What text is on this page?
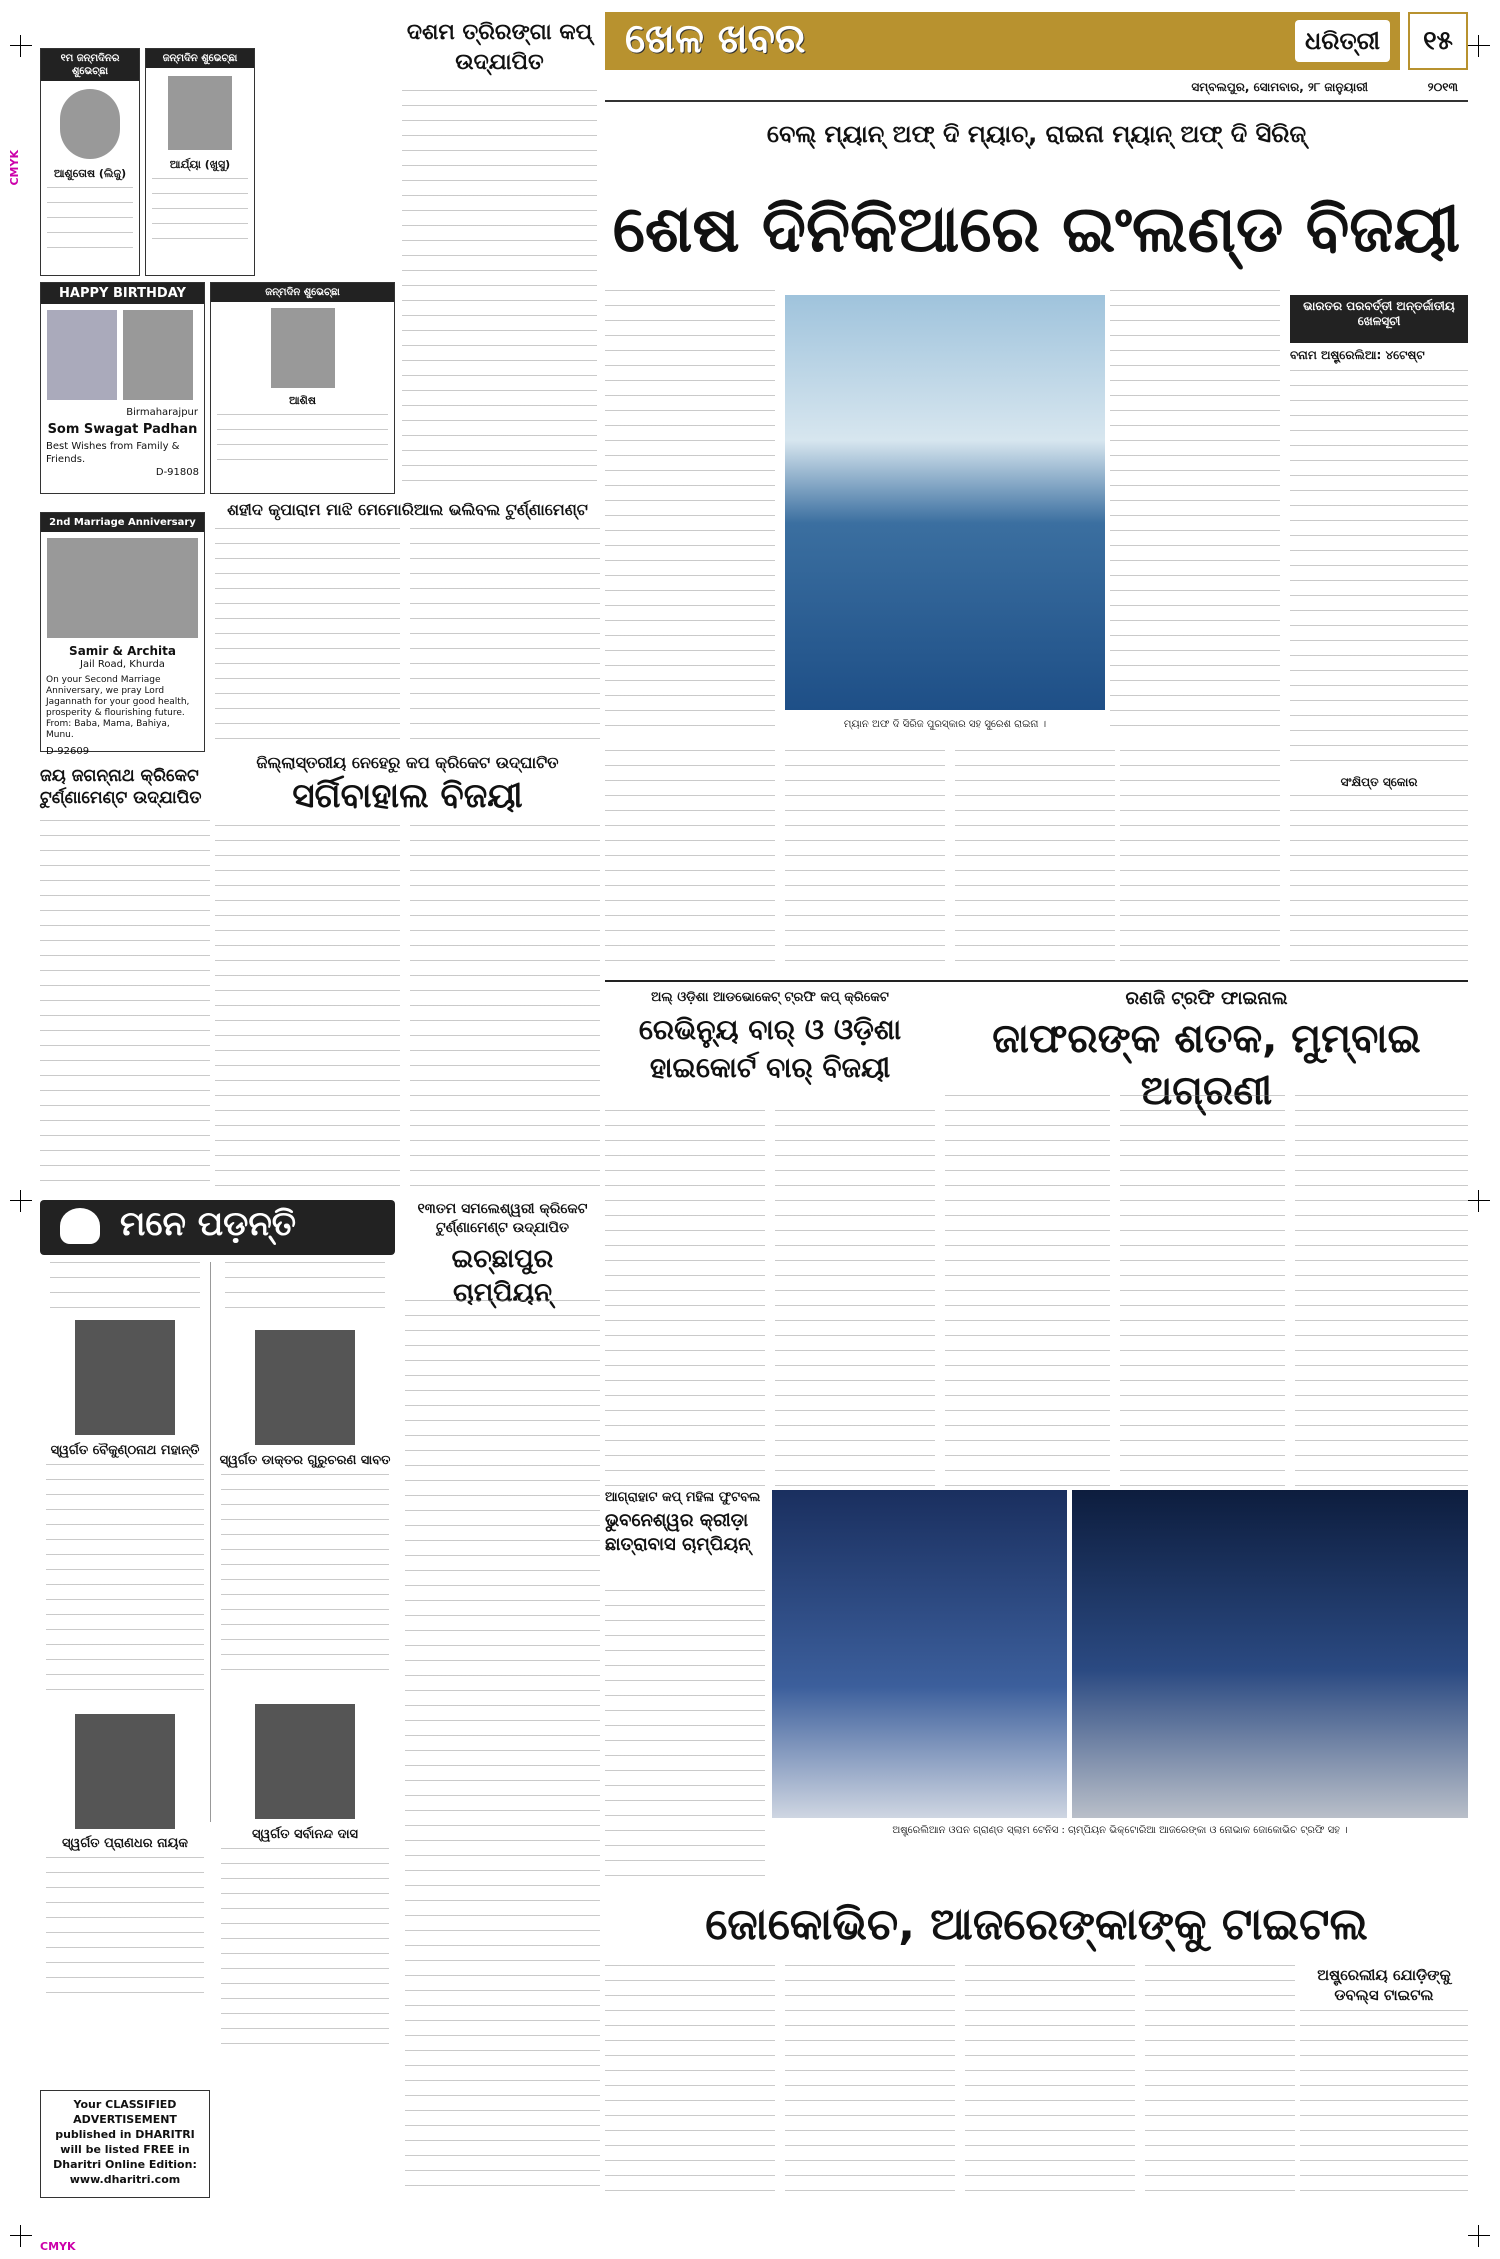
CMYK
CMYK
୧ମ ଜନ୍ମଦିନର ଶୁଭେଚ୍ଛା
ଆଶୁତୋଷ (ଲିଜୁ)
ଜନ୍ମଦିନ ଶୁଭେଚ୍ଛା
ଆର୍ଯ୍ୟା (ଖୁସୁ)
HAPPY BIRTHDAY
Birmaharajpur
Som Swagat Padhan
Best Wishes from Family & Friends.
D-91808
ଜନ୍ମଦିନ ଶୁଭେଚ୍ଛା
ଆଶିଷ
2nd Marriage Anniversary
Samir & Archita
Jail Road, Khurda
On your Second Marriage Anniversary, we pray Lord Jagannath for your good health, prosperity & flourishing future. From: Baba, Mama, Bahiya, Munu.
D-92609
ଜୟ ଜଗନ୍ନାଥ କ୍ରିକେଟ ଟୁର୍ଣ୍ଣାମେଣ୍ଟ ଉଦ୍‌ଯାପିତ
ମନେ ପଡ଼ନ୍ତି
ସ୍ୱର୍ଗତ ବୈକୁଣ୍ଠନାଥ ମହାନ୍ତି
ସ୍ୱର୍ଗତ ପ୍ରାଣଧର ନାୟକ
ସ୍ୱର୍ଗତ ଡାକ୍ତର ଗୁରୁଚରଣ ସାବତ
ସ୍ୱର୍ଗତ ସର୍ବାନନ୍ଦ ଦାସ
Your CLASSIFIED ADVERTISEMENT published in DHARITRI will be listed FREE in Dharitri Online Edition: www.dharitri.com
ଦଶମ ତ୍ରିରଙ୍ଗା କପ୍ ଉଦ୍‌ଯାପିତ
ଶହୀଦ କୃପାରାମ ମାଝି ମେମୋରିଆଲ ଭଲିବଲ ଟୁର୍ଣ୍ଣାମେଣ୍ଟ
ଜିଲ୍ଲାସ୍ତରୀୟ ନେହେରୁ କପ କ୍ରିକେଟ ଉଦ୍‌ଘାଟିତ
ସର୍ଗିବାହାଲ ବିଜୟୀ
୧୩ତମ ସମଲେଶ୍ୱରୀ କ୍ରିକେଟ ଟୁର୍ଣ୍ଣାମେଣ୍ଟ ଉଦ୍‌ଯାପିତ
ଇଚ୍ଛାପୁର ଚାମ୍ପିୟନ୍
ଖେଳ ଖବର	ଧରିତ୍ରୀ	୧୫
ସମ୍ବଲପୁର, ସୋମବାର, ୨୮ ଜାନୁୟାରୀ	୨୦୧୩
ବେଲ୍ ମ୍ୟାନ୍ ଅଫ୍ ଦି ମ୍ୟାଚ୍, ରାଇନା ମ୍ୟାନ୍ ଅଫ୍ ଦି ସିରିଜ୍
ଶେଷ ଦିନିକିଆରେ ଇଂଲଣ୍ଡ ବିଜୟୀ
ମ୍ୟାନ ଅଫ ଦି ସିରିଜ ପୁରସ୍କାର ସହ ସୁରେଶ ରାଇନା ।
ଭାରତର ପରବର୍ତ୍ତୀ ଅନ୍ତର୍ଜାତୀୟ ଖେଳସୂଚୀ
ବନାମ ଅଷ୍ଟ୍ରେଲିଆ: ୪ଟେଷ୍ଟ
ସଂକ୍ଷିପ୍ତ ସ୍କୋର
ଅଲ୍ ଓଡ଼ିଶା ଆଡଭୋକେଟ୍ ଟ୍ରଫି କପ୍ କ୍ରିକେଟ
ରେଭିନ୍ୟୁ ବାର୍ ଓ ଓଡ଼ିଶା ହାଇକୋର୍ଟ ବାର୍ ବିଜୟୀ
ରଣଜି ଟ୍ରଫି ଫାଇନାଲ
ଜାଫରଙ୍କ ଶତକ, ମୁମ୍ବାଇ ଅଗ୍ରଣୀ
ଆଗ୍ରାହାଟ କପ୍ ମହିଳା ଫୁଟବଲ
ଭୁବନେଶ୍ୱର କ୍ରୀଡ଼ା ଛାତ୍ରାବାସ ଚାମ୍ପିୟନ୍
ଅଷ୍ଟ୍ରେଲିଆନ ଓପନ ଗ୍ରାଣ୍ଡ ସ୍ଲାମ ଟେନିସ : ଚାମ୍ପିୟନ ଭିକ୍ଟୋରିଆ ଆଜରେଙ୍କା ଓ ନୋଭାକ ଜୋକୋଭିଚ ଟ୍ରଫି ସହ ।
ଜୋକୋଭିଚ, ଆଜରେଙ୍କାଙ୍କୁ ଟାଇଟଲ
ଅଷ୍ଟ୍ରେଲୀୟ ଯୋଡ଼ିଙ୍କୁ ଡବଲ୍ସ ଟାଇଟଲ
